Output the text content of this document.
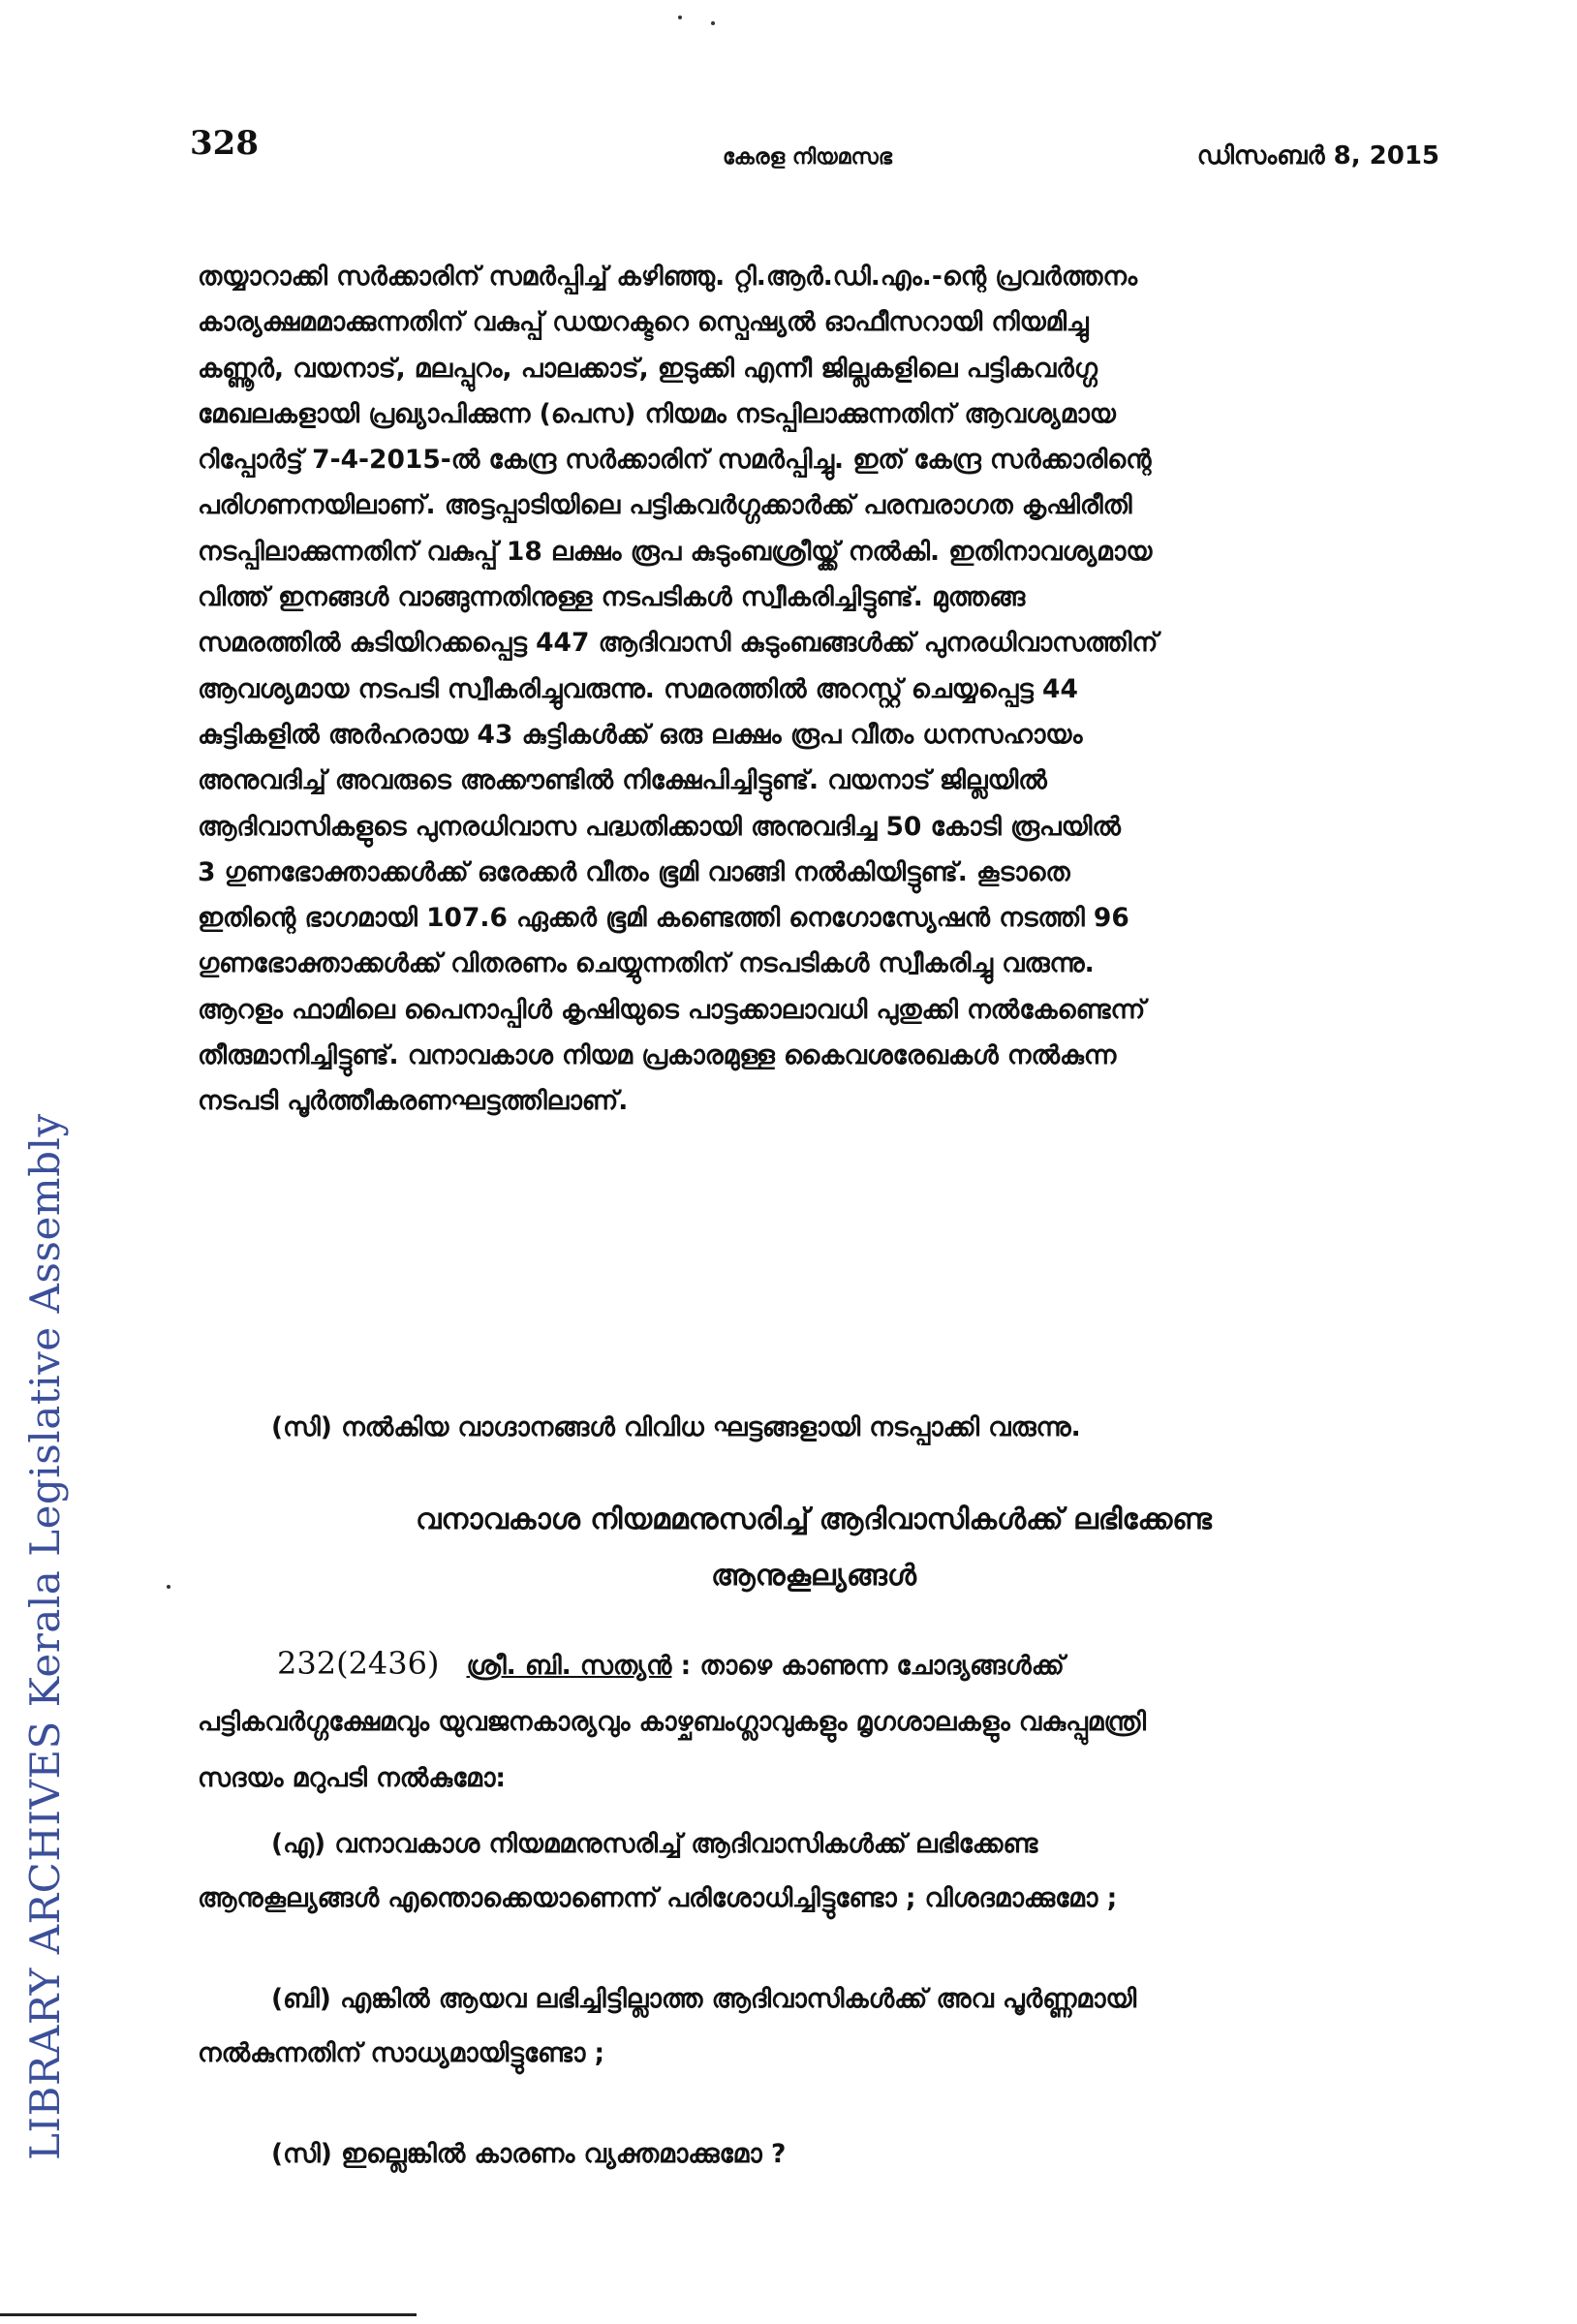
328	കേരള നിയമസഭ	ഡിസംബർ 8, 2015
LIBRARY ARCHIVES Kerala Legislative Assembly
തയ്യാറാക്കി സർക്കാരിന് സമർപ്പിച്ച് കഴിഞ്ഞു. റ്റി.ആർ.ഡി.എം.-ന്റെ പ്രവർത്തനം
കാര്യക്ഷമമാക്കുന്നതിന് വകുപ്പ് ഡയറക്ടറെ സ്പെഷ്യൽ ഓഫീസറായി നിയമിച്ചു
കണ്ണൂർ, വയനാട്, മലപ്പുറം, പാലക്കാട്, ഇടുക്കി എന്നീ ജില്ലകളിലെ പട്ടികവർഗ്ഗ
മേഖലകളായി പ്രഖ്യാപിക്കുന്ന (പെസ) നിയമം നടപ്പിലാക്കുന്നതിന് ആവശ്യമായ
റിപ്പോർട്ട് 7-4-2015-ൽ കേന്ദ്ര സർക്കാരിന് സമർപ്പിച്ചു. ഇത് കേന്ദ്ര സർക്കാരിന്റെ
പരിഗണനയിലാണ്. അട്ടപ്പാടിയിലെ പട്ടികവർഗ്ഗക്കാർക്ക് പരമ്പരാഗത കൃഷിരീതി
നടപ്പിലാക്കുന്നതിന് വകുപ്പ് 18 ലക്ഷം രൂപ കുടുംബശ്രീയ്ക്ക് നൽകി. ഇതിനാവശ്യമായ
വിത്ത് ഇനങ്ങൾ വാങ്ങുന്നതിനുള്ള നടപടികൾ സ്വീകരിച്ചിട്ടുണ്ട്. മുത്തങ്ങ
സമരത്തിൽ കുടിയിറക്കപ്പെട്ട 447 ആദിവാസി കുടുംബങ്ങൾക്ക് പുനരധിവാസത്തിന്
ആവശ്യമായ നടപടി സ്വീകരിച്ചുവരുന്നു. സമരത്തിൽ അറസ്റ്റ് ചെയ്യപ്പെട്ട 44
കുട്ടികളിൽ അർഹരായ 43 കുട്ടികൾക്ക് ഒരു ലക്ഷം രൂപ വീതം ധനസഹായം
അനുവദിച്ച് അവരുടെ അക്കൗണ്ടിൽ നിക്ഷേപിച്ചിട്ടുണ്ട്. വയനാട് ജില്ലയിൽ
ആദിവാസികളുടെ പുനരധിവാസ പദ്ധതിക്കായി അനുവദിച്ച 50 കോടി രൂപയിൽ
3 ഗുണഭോക്താക്കൾക്ക് ഒരേക്കർ വീതം ഭൂമി വാങ്ങി നൽകിയിട്ടുണ്ട്. കൂടാതെ
ഇതിന്റെ ഭാഗമായി 107.6 ഏക്കർ ഭൂമി കണ്ടെത്തി നെഗോസ്യേഷൻ നടത്തി 96
ഗുണഭോക്താക്കൾക്ക് വിതരണം ചെയ്യുന്നതിന് നടപടികൾ സ്വീകരിച്ചു വരുന്നു.
ആറളം ഫാമിലെ പൈനാപ്പിൾ കൃഷിയുടെ പാട്ടക്കാലാവധി പുതുക്കി നൽകേണ്ടെന്ന്
തീരുമാനിച്ചിട്ടുണ്ട്. വനാവകാശ നിയമ പ്രകാരമുള്ള കൈവശരേഖകൾ നൽകുന്ന
നടപടി പൂർത്തീകരണഘട്ടത്തിലാണ്.
(സി) നൽകിയ വാഗ്ദാനങ്ങൾ വിവിധ ഘട്ടങ്ങളായി നടപ്പാക്കി വരുന്നു.
വനാവകാശ നിയമമനുസരിച്ച് ആദിവാസികൾക്ക് ലഭിക്കേണ്ട
ആനുകൂല്യങ്ങൾ
232(2436) ശ്രീ. ബി. സത്യൻ : താഴെ കാണുന്ന ചോദ്യങ്ങൾക്ക്
പട്ടികവർഗ്ഗക്ഷേമവും യുവജനകാര്യവും കാഴ്ചബംഗ്ലാവുകളും മൃഗശാലകളും വകുപ്പുമന്ത്രി
സദയം മറുപടി നൽകുമോ:
(എ) വനാവകാശ നിയമമനുസരിച്ച് ആദിവാസികൾക്ക് ലഭിക്കേണ്ട
ആനുകൂല്യങ്ങൾ എന്തൊക്കെയാണെന്ന് പരിശോധിച്ചിട്ടുണ്ടോ ; വിശദമാക്കുമോ ;
(ബി) എങ്കിൽ ആയവ ലഭിച്ചിട്ടില്ലാത്ത ആദിവാസികൾക്ക് അവ പൂർണ്ണമായി
നൽകുന്നതിന് സാധ്യമായിട്ടുണ്ടോ ;
(സി) ഇല്ലെങ്കിൽ കാരണം വ്യക്തമാക്കുമോ ?
